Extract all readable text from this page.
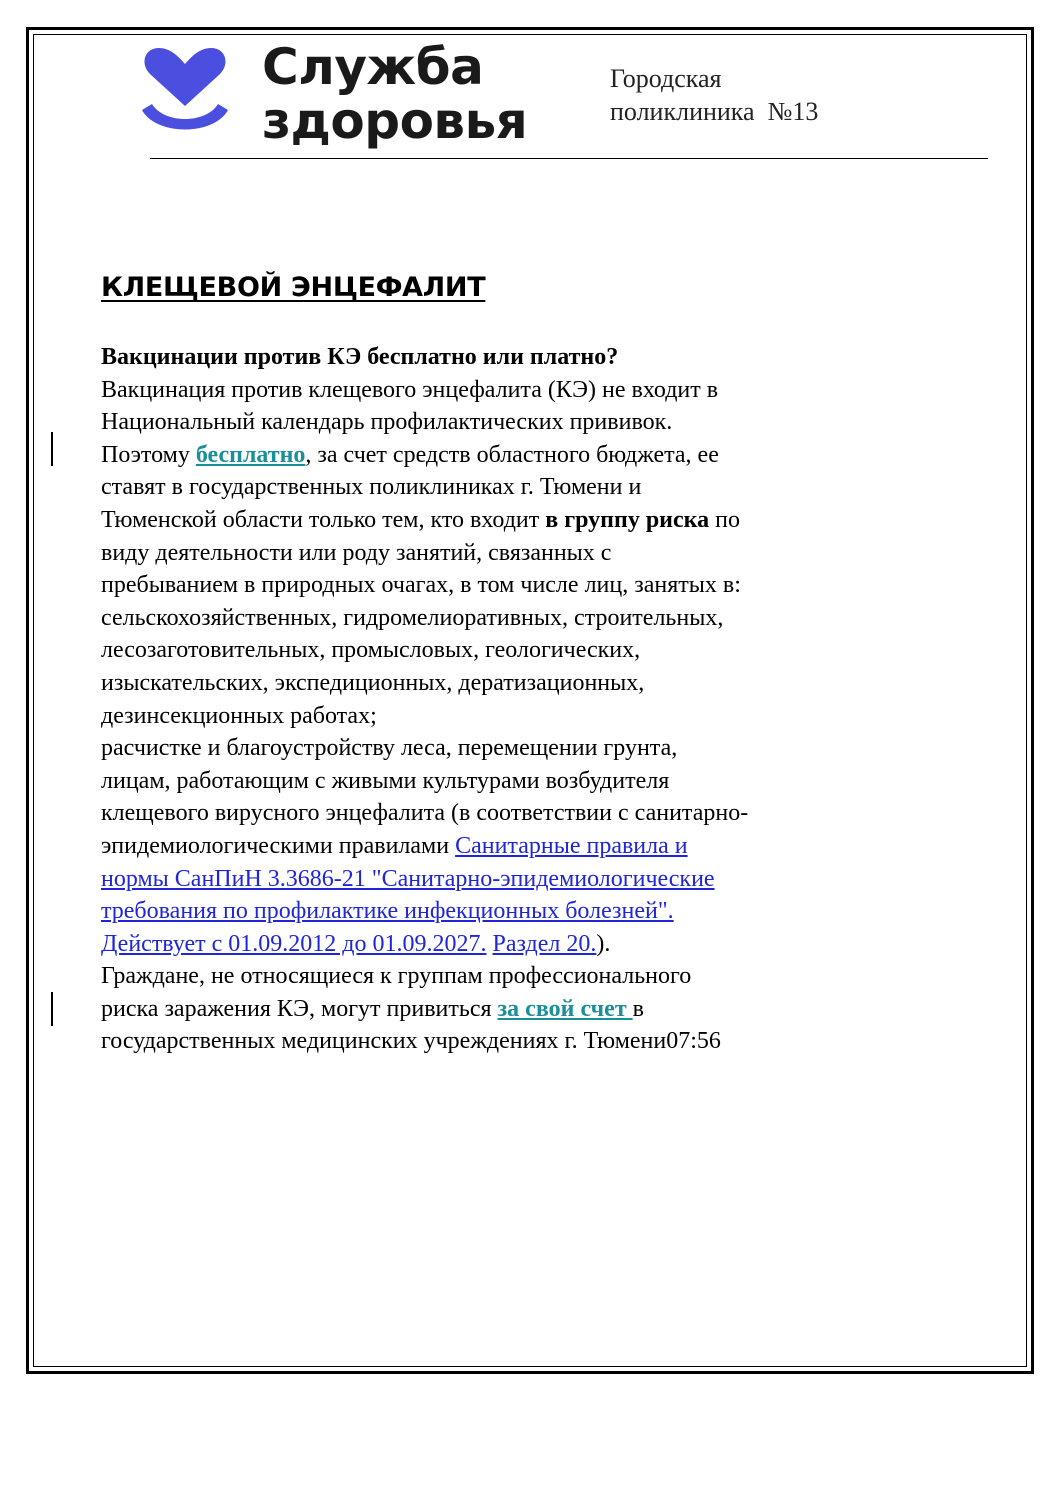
Служба
здоровья
Городская
поликлиника  №13
КЛЕЩЕВОЙ ЭНЦЕФАЛИТ
Вакцинации против КЭ бесплатно или платно?
Вакцинация против клещевого энцефалита (КЭ) не входит в
Национальный календарь профилактических прививок.
Поэтому бесплатно, за счет средств областного бюджета, ее
ставят в государственных поликлиниках г. Тюмени и
Тюменской области только тем, кто входит в группу риска по
виду деятельности или роду занятий, связанных с
пребыванием в природных очагах, в том числе лиц, занятых в:
сельскохозяйственных, гидромелиоративных, строительных,
лесозаготовительных, промысловых, геологических,
изыскательских, экспедиционных, дератизационных,
дезинсекционных работах;
расчистке и благоустройству леса, перемещении грунта,
лицам, работающим с живыми культурами возбудителя
клещевого вирусного энцефалита (в соответствии с санитарно-
эпидемиологическими правилами Санитарные правила и
нормы СанПиН 3.3686-21 "Санитарно-эпидемиологические
требования по профилактике инфекционных болезней".
Действует с 01.09.2012 до 01.09.2027. Раздел 20.).
Граждане, не относящиеся к группам профессионального
риска заражения КЭ, могут привиться за свой счет в
государственных медицинских учреждениях г. Тюмени07:56
